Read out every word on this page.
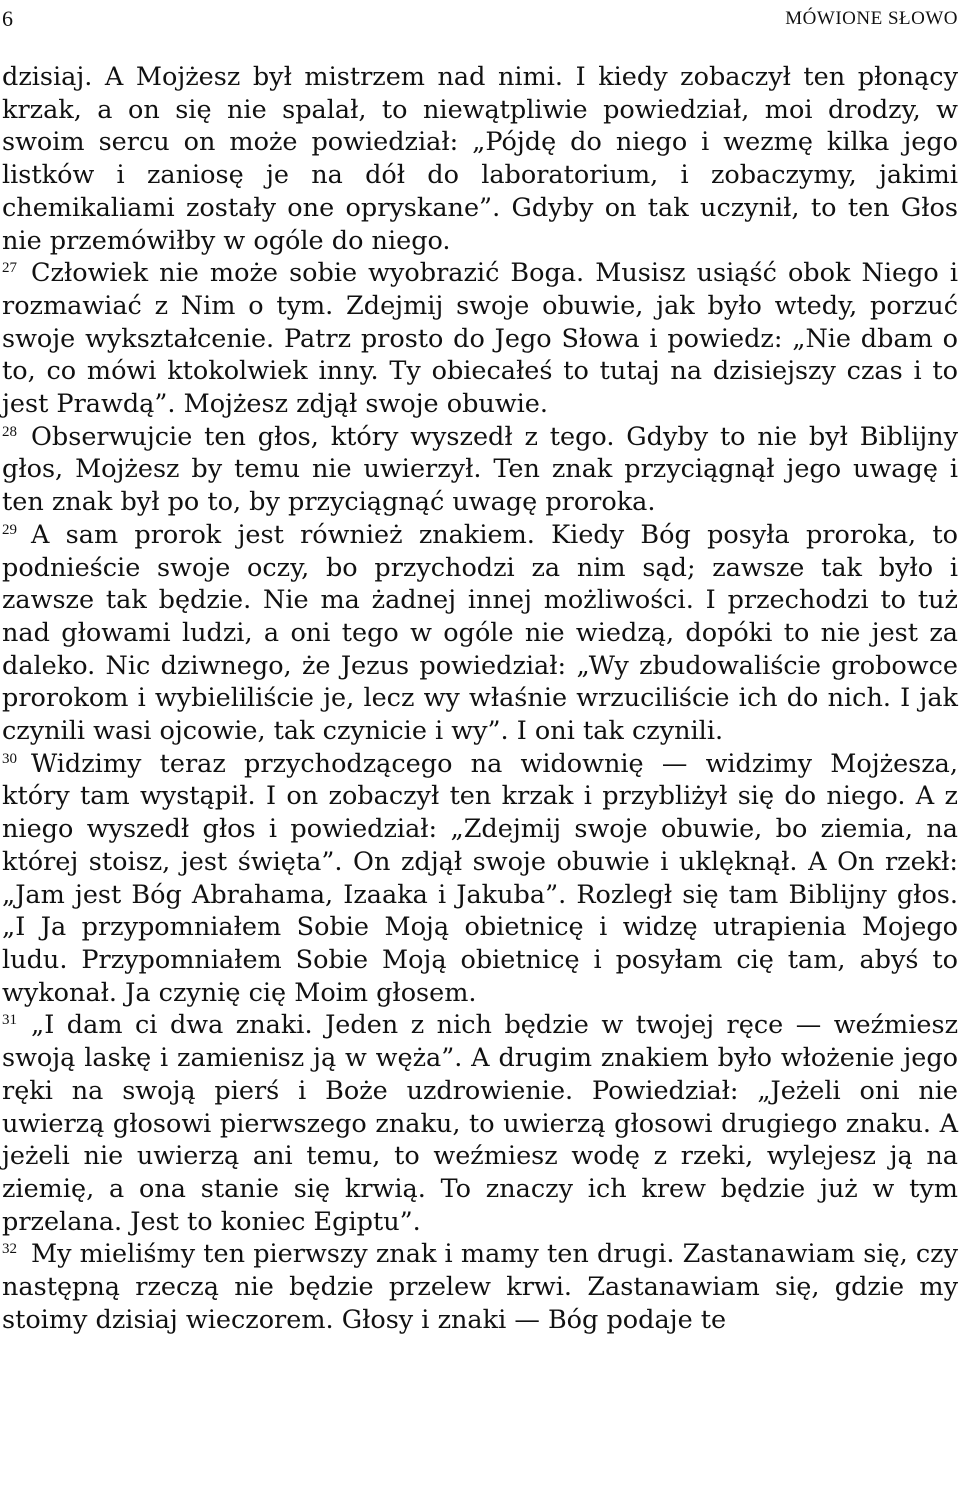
6	MÓWIONE SŁOWO

dzisiaj. A Mojżesz był mistrzem nad nimi. I kiedy zobaczył ten płonący krzak, a on się nie spalał, to niewątpliwie powiedział, moi drodzy, w swoim sercu on może powiedział: „Pójdę do niego i wezmę kilka jego listków i zaniosę je na dół do laboratorium, i zobaczymy, jakimi chemikaliami zostały one opryskane”. Gdyby on tak uczynił, to ten Głos nie przemówiłby w ogóle do niego.

$^{27}$ Człowiek nie może sobie wyobrazić Boga. Musisz usiąść obok Niego i rozmawiać z Nim o tym. Zdejmij swoje obuwie, jak było wtedy, porzuć swoje wykształcenie. Patrz prosto do Jego Słowa i powiedz: „Nie dbam o to, co mówi ktokolwiek inny. Ty obiecałeś to tutaj na dzisiejszy czas i to jest Prawdą”. Mojżesz zdjął swoje obuwie.

$^{28}$ Obserwujcie ten głos, który wyszedł z tego. Gdyby to nie był Biblijny głos, Mojżesz by temu nie uwierzył. Ten znak przyciągnął jego uwagę i ten znak był po to, by przyciągnąć uwagę proroka.

$^{29}$ A sam prorok jest również znakiem. Kiedy Bóg posyła proroka, to podnieście swoje oczy, bo przychodzi za nim sąd; zawsze tak było i zawsze tak będzie. Nie ma żadnej innej możliwości. I przechodzi to tuż nad głowami ludzi, a oni tego w ogóle nie wiedzą, dopóki to nie jest za daleko. Nic dziwnego, że Jezus powiedział: „Wy zbudowaliście grobowce prorokom i wybieliliście je, lecz wy właśnie wrzuciliście ich do nich. I jak czynili wasi ojcowie, tak czynicie i wy”. I oni tak czynili.

$^{30}$ Widzimy teraz przychodzącego na widownię — widzimy Mojżesza, który tam wystąpił. I on zobaczył ten krzak i przybliżył się do niego. A z niego wyszedł głos i powiedział: „Zdejmij swoje obuwie, bo ziemia, na której stoisz, jest święta”. On zdjął swoje obuwie i uklęknął. A On rzekł: „Jam jest Bóg Abrahama, Izaaka i Jakuba”. Rozległ się tam Biblijny głos. „I Ja przypomniałem Sobie Moją obietnicę i widzę utrapienia Mojego ludu. Przypomniałem Sobie Moją obietnicę i posyłam cię tam, abyś to wykonał. Ja czynię cię Moim głosem.

$^{31}$ „I dam ci dwa znaki. Jeden z nich będzie w twojej ręce — weźmiesz swoją laskę i zamienisz ją w węża”. A drugim znakiem było włożenie jego ręki na swoją pierś i Boże uzdrowienie. Powiedział: „Jeżeli oni nie uwierzą głosowi pierwszego znaku, to uwierzą głosowi drugiego znaku. A jeżeli nie uwierzą ani temu, to weźmiesz wodę z rzeki, wylejesz ją na ziemię, a ona stanie się krwią. To znaczy ich krew będzie już w tym przelana. Jest to koniec Egiptu”.

$^{32}$ My mieliśmy ten pierwszy znak i mamy ten drugi. Zastanawiam się, czy następną rzeczą nie będzie przelew krwi. Zastanawiam się, gdzie my stoimy dzisiaj wieczorem. Głosy i znaki — Bóg podaje te
